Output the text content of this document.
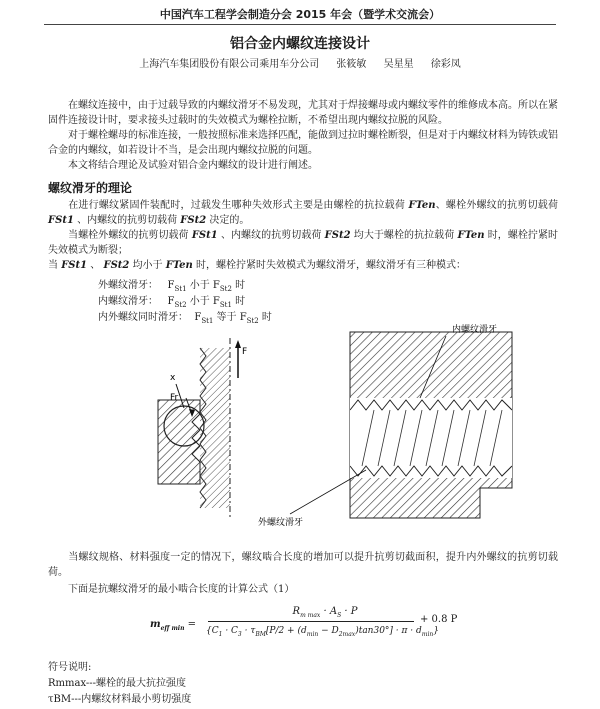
中国汽车工程学会制造分会 2015 年会（暨学术交流会）
铝合金内螺纹连接设计
上海汽车集团股份有限公司乘用车分公司 张筱敏 吴星星 徐彩凤
在螺纹连接中，由于过载导致的内螺纹滑牙不易发现，尤其对于焊接螺母或内螺纹零件的维修成本高。所以在紧固件连接设计时，要求接头过载时的失效模式为螺栓拉断，不希望出现内螺纹拉脱的风险。
对于螺栓螺母的标准连接，一般按照标准来选择匹配，能做到过拉时螺栓断裂，但是对于内螺纹材料为铸铁或铝合金的内螺纹，如若设计不当，是会出现内螺纹拉脱的问题。
本文将结合理论及试验对铝合金内螺纹的设计进行阐述。
螺纹滑牙的理论
在进行螺纹紧固件装配时，过载发生哪种失效形式主要是由螺栓的抗拉载荷 FTen、螺栓外螺纹的抗剪切载荷 FSt1 、内螺纹的抗剪切载荷 FSt2 决定的。
当螺栓外螺纹的抗剪切载荷 FSt1 、内螺纹的抗剪切载荷 FSt2 均大于螺栓的抗拉载荷 FTen 时，螺栓拧紧时失效模式为断裂；
当 FSt1 、 FSt2 均小于 FTen 时，螺栓拧紧时失效模式为螺纹滑牙，螺纹滑牙有三种模式：
外螺纹滑牙： $F_{St1}$ 小于 $F_{St2}$ 时
内螺纹滑牙： $F_{St2}$ 小于 $F_{St1}$ 时
内外螺纹同时滑牙： $F_{St1}$ 等于 $F_{St2}$ 时
F
x
Fr
内螺纹滑牙
外螺纹滑牙
当螺纹规格、材料强度一定的情况下，螺纹啮合长度的增加可以提升抗剪切截面积，提升内外螺纹的抗剪切载荷。
下面是抗螺纹滑牙的最小啮合长度的计算公式（1）
$m_{eff min}$ =
$R_{m max} \cdot A_S \cdot P$
$\{C_1 \cdot C_3 \cdot \tau_{BM}[P/2 + (d_{min} - D_{2max})\tan 30^\circ] \cdot \pi \cdot d_{min}\}$
+ 0.8 P
符号说明:
Rmmax---螺栓的最大抗拉强度
τBM---内螺纹材料最小剪切强度
